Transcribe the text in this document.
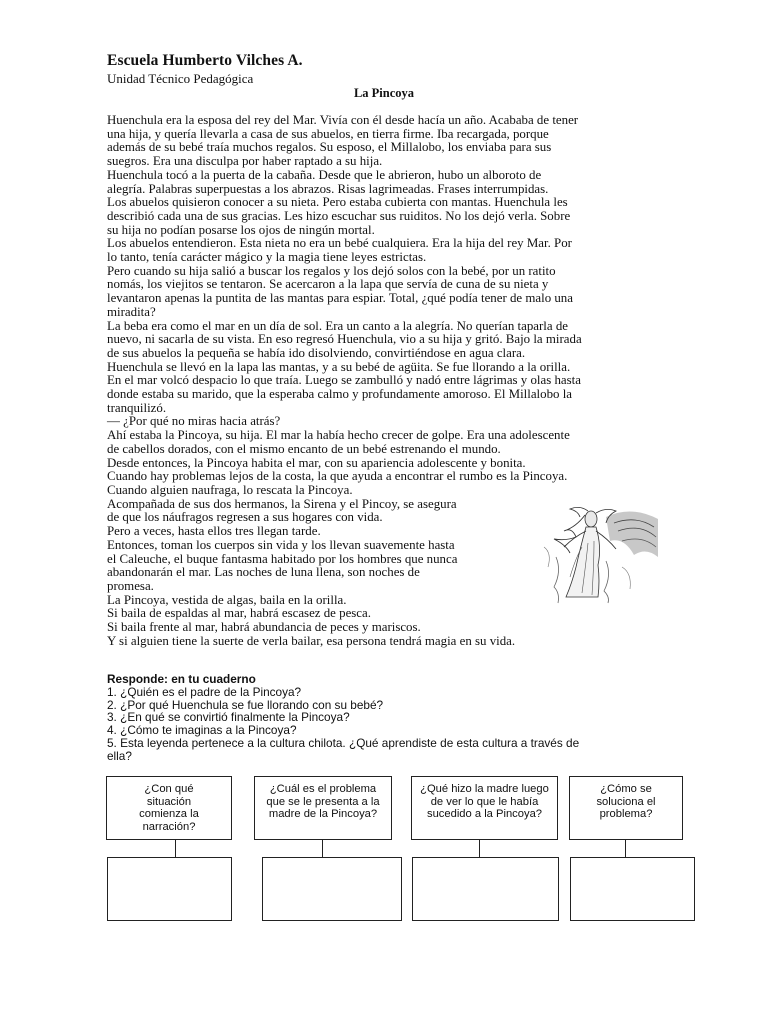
Escuela Humberto Vilches A.
Unidad Técnico Pedagógica
La Pincoya
Huenchula era la esposa del rey del Mar. Vivía con él desde hacía un año. Acababa de tener
una hija, y quería llevarla a casa de sus abuelos, en tierra firme. Iba recargada, porque
además de su bebé traía muchos regalos. Su esposo, el Millalobo, los enviaba para sus
suegros. Era una disculpa por haber raptado a su hija.
Huenchula tocó a la puerta de la cabaña. Desde que le abrieron, hubo un alboroto de
alegría. Palabras superpuestas a los abrazos. Risas lagrimeadas. Frases interrumpidas.
Los abuelos quisieron conocer a su nieta. Pero estaba cubierta con mantas. Huenchula les
describió cada una de sus gracias. Les hizo escuchar sus ruiditos. No los dejó verla. Sobre
su hija no podían posarse los ojos de ningún mortal.
Los abuelos entendieron. Esta nieta no era un bebé cualquiera. Era la hija del rey Mar. Por
lo tanto, tenía carácter mágico y la magia tiene leyes estrictas.
Pero cuando su hija salió a buscar los regalos y los dejó solos con la bebé, por un ratito
nomás, los viejitos se tentaron. Se acercaron a la lapa que servía de cuna de su nieta y
levantaron apenas la puntita de las mantas para espiar. Total, ¿qué podía tener de malo una
miradita?
La beba era como el mar en un día de sol. Era un canto a la alegría. No querían taparla de
nuevo, ni sacarla de su vista. En eso regresó Huenchula, vio a su hija y gritó. Bajo la mirada
de sus abuelos la pequeña se había ido disolviendo, convirtiéndose en agua clara.
Huenchula se llevó en la lapa las mantas, y a su bebé de agüita. Se fue llorando a la orilla.
En el mar volcó despacio lo que traía. Luego se zambulló y nadó entre lágrimas y olas hasta
donde estaba su marido, que la esperaba calmo y profundamente amoroso. El Millalobo la
tranquilizó.
— ¿Por qué no miras hacia atrás?
Ahí estaba la Pincoya, su hija. El mar la había hecho crecer de golpe. Era una adolescente
de cabellos dorados, con el mismo encanto de un bebé estrenando el mundo.
Desde entonces, la Pincoya habita el mar, con su apariencia adolescente y bonita.
Cuando hay problemas lejos de la costa, la que ayuda a encontrar el rumbo es la Pincoya.
Cuando alguien naufraga, lo rescata la Pincoya.
Acompañada de sus dos hermanos, la Sirena y el Pincoy, se asegura
de que los náufragos regresen a sus hogares con vida.
Pero a veces, hasta ellos tres llegan tarde.
Entonces, toman los cuerpos sin vida y los llevan suavemente hasta
el Caleuche, el buque fantasma habitado por los hombres que nunca
abandonarán el mar. Las noches de luna llena, son noches de
promesa.
La Pincoya, vestida de algas, baila en la orilla.
Si baila de espaldas al mar, habrá escasez de pesca.
Si baila frente al mar, habrá abundancia de peces y mariscos.
Y si alguien tiene la suerte de verla bailar, esa persona tendrá magia en su vida.
Responde: en tu cuaderno
1. ¿Quién es el padre de la Pincoya?
2. ¿Por qué Huenchula se fue llorando con su bebé?
3. ¿En qué se convirtió finalmente la Pincoya?
4. ¿Cómo te imaginas a la Pincoya?
5. Esta leyenda pertenece a la cultura chilota. ¿Qué aprendiste de esta cultura a través de
ella?
¿Con qué situación comienza la narración?
¿Cuál es el problema que se le presenta a la madre de la Pincoya?
¿Qué hizo la madre luego de ver lo que le había sucedido a la Pincoya?
¿Cómo se soluciona el problema?
